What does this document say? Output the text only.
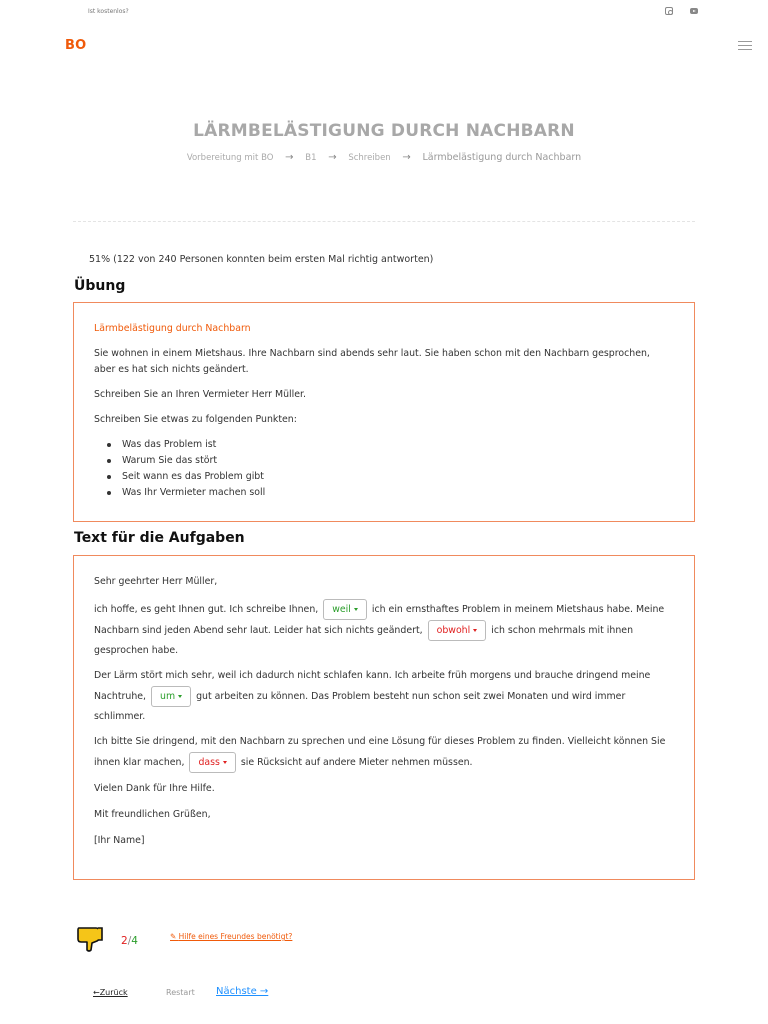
Ist kostenlos?
BO
LÄRMBELÄSTIGUNG DURCH NACHBARN
Vorbereitung mit BO → B1 → Schreiben → Lärmbelästigung durch Nachbarn
51% (122 von 240 Personen konnten beim ersten Mal richtig antworten)
Übung
Lärmbelästigung durch Nachbarn

Sie wohnen in einem Mietshaus. Ihre Nachbarn sind abends sehr laut. Sie haben schon mit den Nachbarn gesprochen, aber es hat sich nichts geändert.

Schreiben Sie an Ihren Vermieter Herr Müller.

Schreiben Sie etwas zu folgenden Punkten:

Was das Problem ist
Warum Sie das stört
Seit wann es das Problem gibt
Was Ihr Vermieter machen soll
Text für die Aufgaben

Sehr geehrter Herr Müller,

ich hoffe, es geht Ihnen gut. Ich schreibe Ihnen, weil ich ein ernsthaftes Problem in meinem Mietshaus habe. Meine Nachbarn sind jeden Abend sehr laut. Leider hat sich nichts geändert, obwohl ich schon mehrmals mit ihnen gesprochen habe.

Der Lärm stört mich sehr, weil ich dadurch nicht schlafen kann. Ich arbeite früh morgens und brauche dringend meine Nachtruhe, um gut arbeiten zu können. Das Problem besteht nun schon seit zwei Monaten und wird immer schlimmer.

Ich bitte Sie dringend, mit den Nachbarn zu sprechen und eine Lösung für dieses Problem zu finden. Vielleicht können Sie ihnen klar machen, dass sie Rücksicht auf andere Mieter nehmen müssen.

Vielen Dank für Ihre Hilfe.

Mit freundlichen Grüßen,

[Ihr Name]

2/4	✎ Hilfe eines Freundes benötigt?
←Zurück	Restart Nächste →
